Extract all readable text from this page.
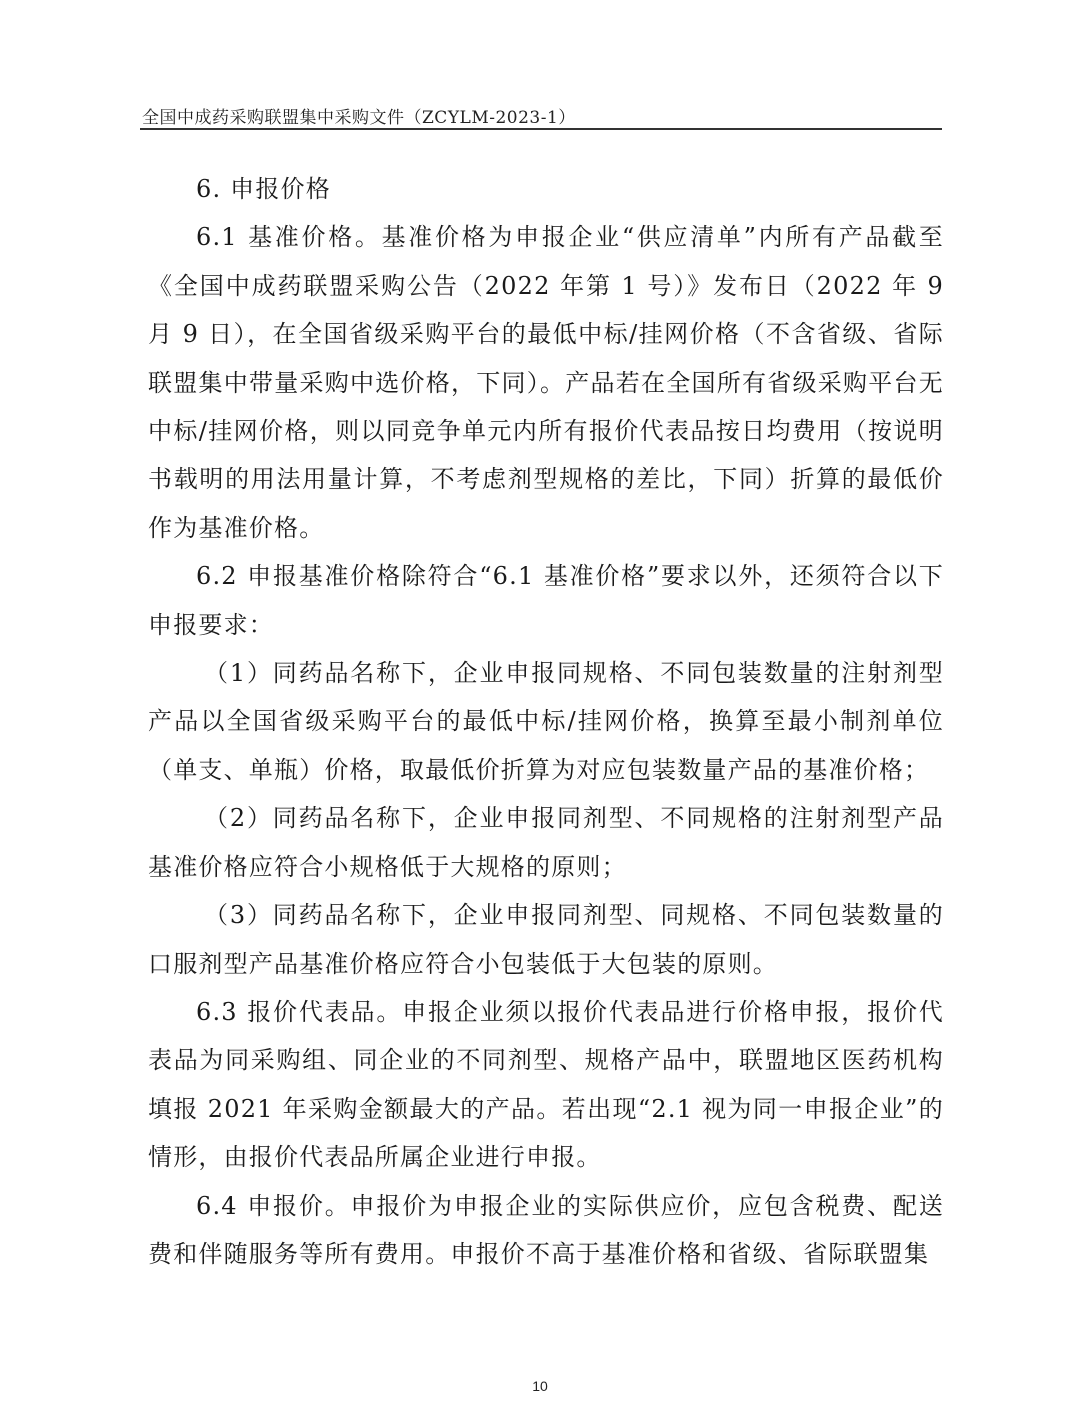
全国中成药采购联盟集中采购文件（ZCYLM-2023-1）

6. 申报价格

6.1 基准价格。基准价格为申报企业“供应清单”内所有产品截至《全国中成药联盟采购公告（2022 年第 1 号）》发布日（2022 年 9 月 9 日），在全国省级采购平台的最低中标/挂网价格（不含省级、省际联盟集中带量采购中选价格，下同）。产品若在全国所有省级采购平台无中标/挂网价格，则以同竞争单元内所有报价代表品按日均费用（按说明书载明的用法用量计算，不考虑剂型规格的差比，下同）折算的最低价作为基准价格。

6.2 申报基准价格除符合“6.1 基准价格”要求以外，还须符合以下申报要求：

（1）同药品名称下，企业申报同规格、不同包装数量的注射剂型产品以全国省级采购平台的最低中标/挂网价格，换算至最小制剂单位（单支、单瓶）价格，取最低价折算为对应包装数量产品的基准价格；

（2）同药品名称下，企业申报同剂型、不同规格的注射剂型产品基准价格应符合小规格低于大规格的原则；

（3）同药品名称下，企业申报同剂型、同规格、不同包装数量的口服剂型产品基准价格应符合小包装低于大包装的原则。

6.3 报价代表品。申报企业须以报价代表品进行价格申报，报价代表品为同采购组、同企业的不同剂型、规格产品中，联盟地区医药机构填报 2021 年采购金额最大的产品。若出现“2.1 视为同一申报企业”的情形，由报价代表品所属企业进行申报。

6.4 申报价。申报价为申报企业的实际供应价，应包含税费、配送费和伴随服务等所有费用。申报价不高于基准价格和省级、省际联盟集

10
